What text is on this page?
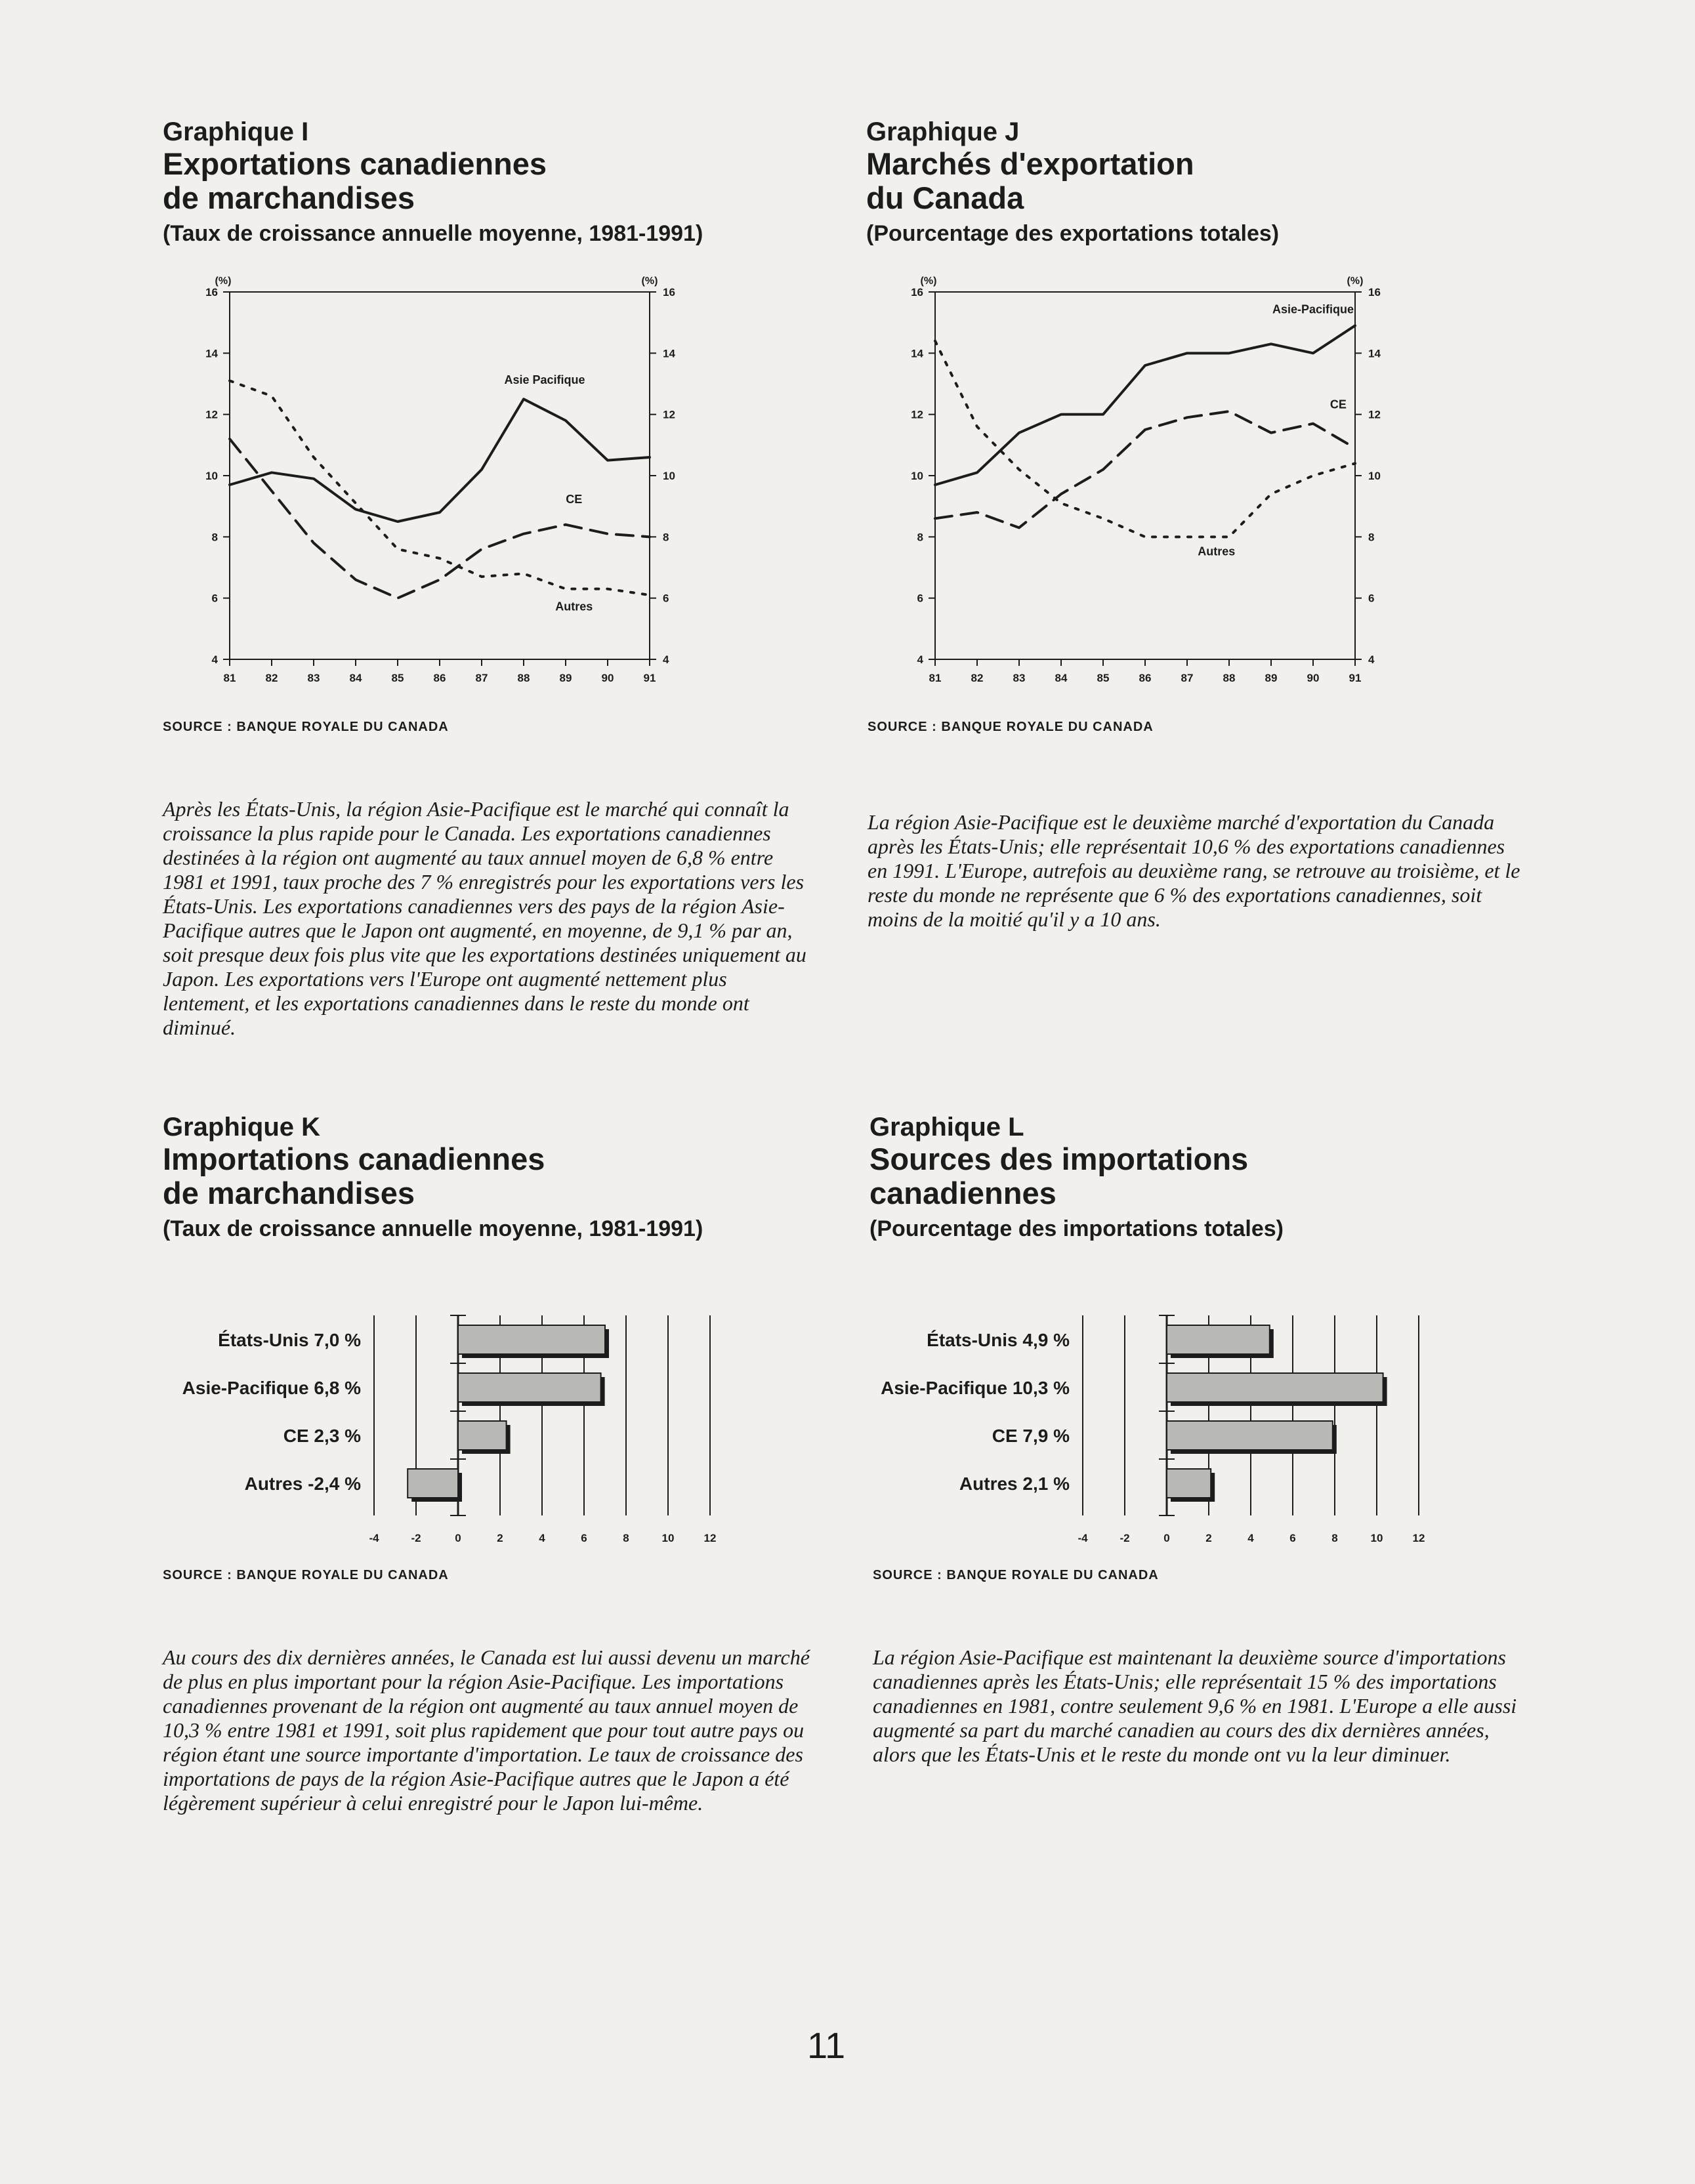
Graphique I
Exportations canadiennes
de marchandises
(Taux de croissance annuelle moyenne, 1981-1991)
(%)	(%)
4	4
6	6
8	8
10	10
12	12
14	14
16	16
81	82	83	84	85	86	87	88	89	90	91
Asie Pacifique
CE
Autres
SOURCE : BANQUE ROYALE DU CANADA
Après les États-Unis, la région Asie-Pacifique est le marché qui connaît la croissance la plus rapide pour le Canada. Les exportations canadiennes destinées à la région ont augmenté au taux annuel moyen de 6,8 % entre 1981 et 1991, taux proche des 7 % enregistrés pour les exportations vers les États-Unis. Les exportations canadiennes vers des pays de la région Asie-Pacifique autres que le Japon ont augmenté, en moyenne, de 9,1 % par an, soit presque deux fois plus vite que les exportations destinées uniquement au Japon. Les exportations vers l'Europe ont augmenté nettement plus lentement, et les exportations canadiennes dans le reste du monde ont diminué.
Graphique J
Marchés d'exportation
du Canada
(Pourcentage des exportations totales)
(%)	(%)
4	4
6	6
8	8
10	10
12	12
14	14
16	16
81	82	83	84	85	86	87	88	89	90	91
Asie-Pacifique
CE
Autres
SOURCE : BANQUE ROYALE DU CANADA
La région Asie-Pacifique est le deuxième marché d'exportation du Canada après les États-Unis; elle représentait 10,6 % des exportations canadiennes en 1991. L'Europe, autrefois au deuxième rang, se retrouve au troisième, et le reste du monde ne représente que 6 % des exportations canadiennes, soit moins de la moitié qu'il y a 10 ans.
Graphique K
Importations canadiennes
de marchandises
(Taux de croissance annuelle moyenne, 1981-1991)
-4	-2	0	2	4	6	8	10	12
États-Unis 7,0 %
Asie-Pacifique 6,8 %
CE 2,3 %
Autres -2,4 %
SOURCE : BANQUE ROYALE DU CANADA
Au cours des dix dernières années, le Canada est lui aussi devenu un marché de plus en plus important pour la région Asie-Pacifique. Les importations canadiennes provenant de la région ont augmenté au taux annuel moyen de 10,3 % entre 1981 et 1991, soit plus rapidement que pour tout autre pays ou région étant une source importante d'importation. Le taux de croissance des importations de pays de la région Asie-Pacifique autres que le Japon a été légèrement supérieur à celui enregistré pour le Japon lui-même.
Graphique L
Sources des importations
canadiennes
(Pourcentage des importations totales)
-4	-2	0	2	4	6	8	10	12
États-Unis 4,9 %
Asie-Pacifique 10,3 %
CE 7,9 %
Autres 2,1 %
SOURCE : BANQUE ROYALE DU CANADA
La région Asie-Pacifique est maintenant la deuxième source d'importations canadiennes après les États-Unis; elle représentait 15 % des importations canadiennes en 1981, contre seulement 9,6 % en 1981. L'Europe a elle aussi augmenté sa part du marché canadien au cours des dix dernières années, alors que les États-Unis et le reste du monde ont vu la leur diminuer.
11
